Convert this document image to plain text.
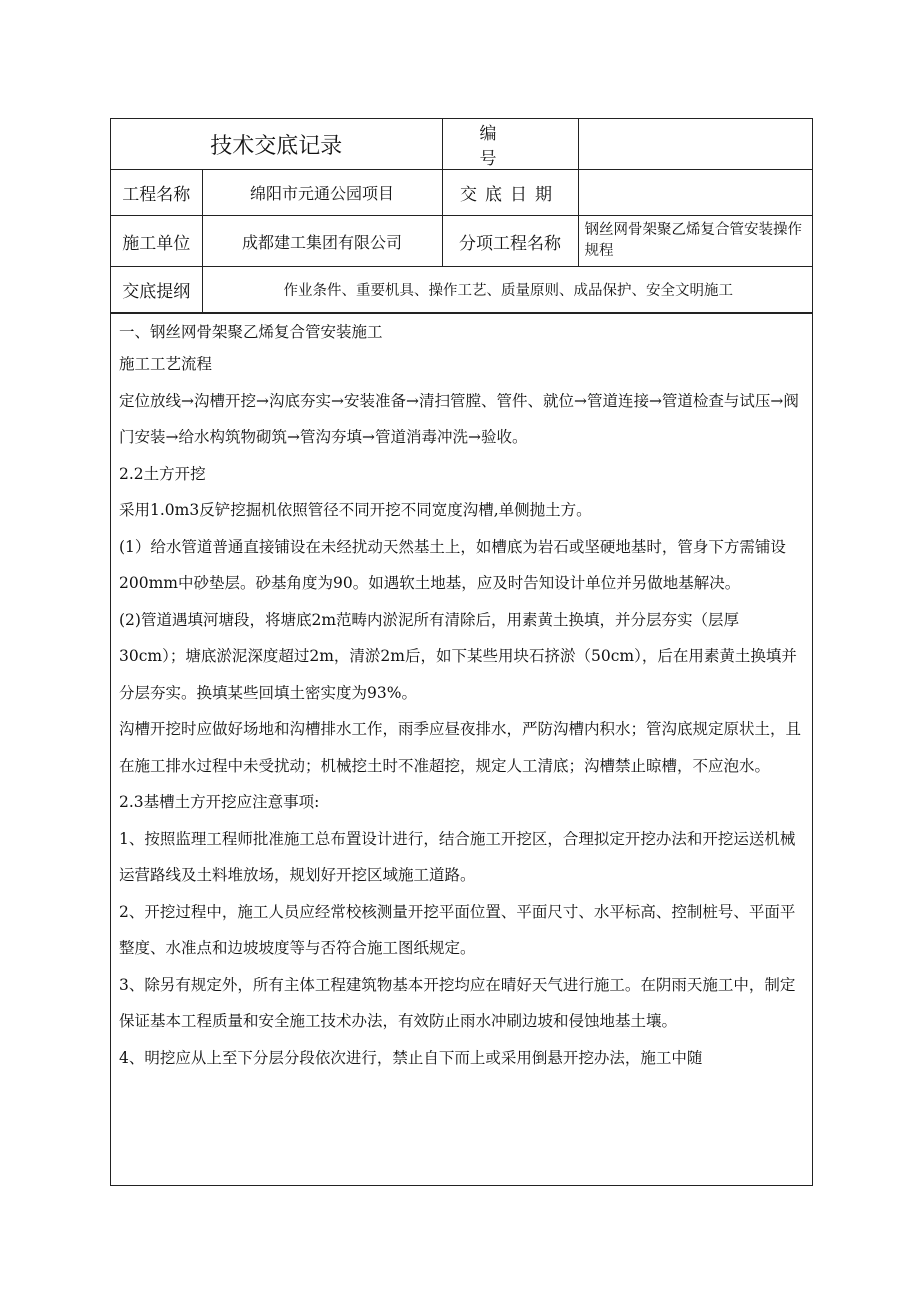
技术交底记录		编　号	
工程名称	绵阳市元通公园项目	交底日期	
施工单位	成都建工集团有限公司	分项工程名称	钢丝网骨架聚乙烯复合管安装操作规程
交底提纲	作业条件、重要机具、操作工艺、质量原则、成品保护、安全文明施工		

一、钢丝网骨架聚乙烯复合管安装施工

施工工艺流程

定位放线→沟槽开挖→沟底夯实→安装准备→清扫管膛、管件、就位→管道连接→管道检查与试压→阀门安装→给水构筑物砌筑→管沟夯填→管道消毒冲洗→验收。

2.2土方开挖

采用1.0m3反铲挖掘机依照管径不同开挖不同宽度沟槽,单侧抛土方。

(1）给水管道普通直接铺设在未经扰动天然基土上，如槽底为岩石或坚硬地基时，管身下方需铺设200mm中砂垫层。砂基角度为90。如遇软土地基，应及时告知设计单位并另做地基解决。

(2)管道遇填河塘段，将塘底2m范畴内淤泥所有清除后，用素黄土换填，并分层夯实（层厚30cm）；塘底淤泥深度超过2m，清淤2m后，如下某些用块石挤淤（50cm），后在用素黄土换填并分层夯实。换填某些回填土密实度为93%。

沟槽开挖时应做好场地和沟槽排水工作，雨季应昼夜排水，严防沟槽内积水；管沟底规定原状土，且在施工排水过程中未受扰动；机械挖土时不准超挖，规定人工清底；沟槽禁止晾槽，不应泡水。

2.3基槽土方开挖应注意事项:

1、按照监理工程师批准施工总布置设计进行，结合施工开挖区，合理拟定开挖办法和开挖运送机械运营路线及土料堆放场，规划好开挖区域施工道路。

2、开挖过程中，施工人员应经常校核测量开挖平面位置、平面尺寸、水平标高、控制桩号、平面平整度、水准点和边坡坡度等与否符合施工图纸规定。

3、除另有规定外，所有主体工程建筑物基本开挖均应在晴好天气进行施工。在阴雨天施工中，制定保证基本工程质量和安全施工技术办法，有效防止雨水冲刷边坡和侵蚀地基土壤。

4、明挖应从上至下分层分段依次进行，禁止自下而上或采用倒悬开挖办法，施工中随
